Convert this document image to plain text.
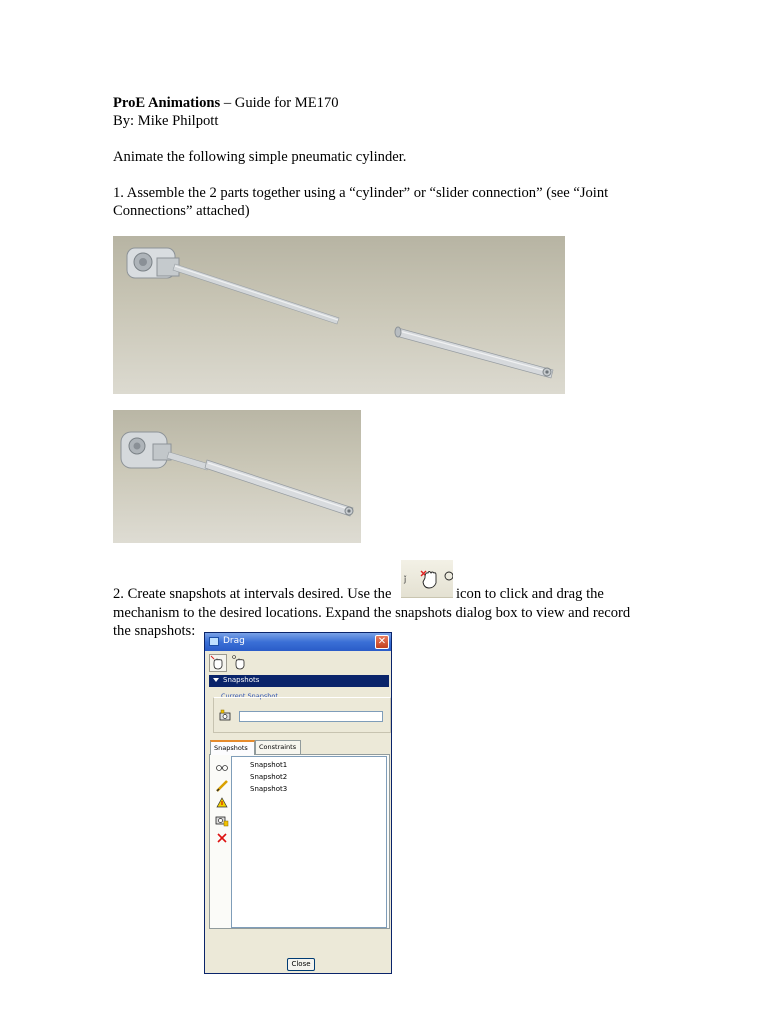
ProE Animations – Guide for ME170
By: Mike Philpott
Animate the following simple pneumatic cylinder.
1. Assemble the 2 parts together using a “cylinder” or “slider connection” (see “Joint
Connections” attached)
2. Create snapshots at intervals desired. Use the
ǰ
icon to click and drag the
mechanism to the desired locations. Expand the snapshots dialog box to view and record
the snapshots:
Drag	✕
Snapshots
Current Snapshot
Snapshots	Constraints
Snapshot1
Snapshot2
Snapshot3
Close
